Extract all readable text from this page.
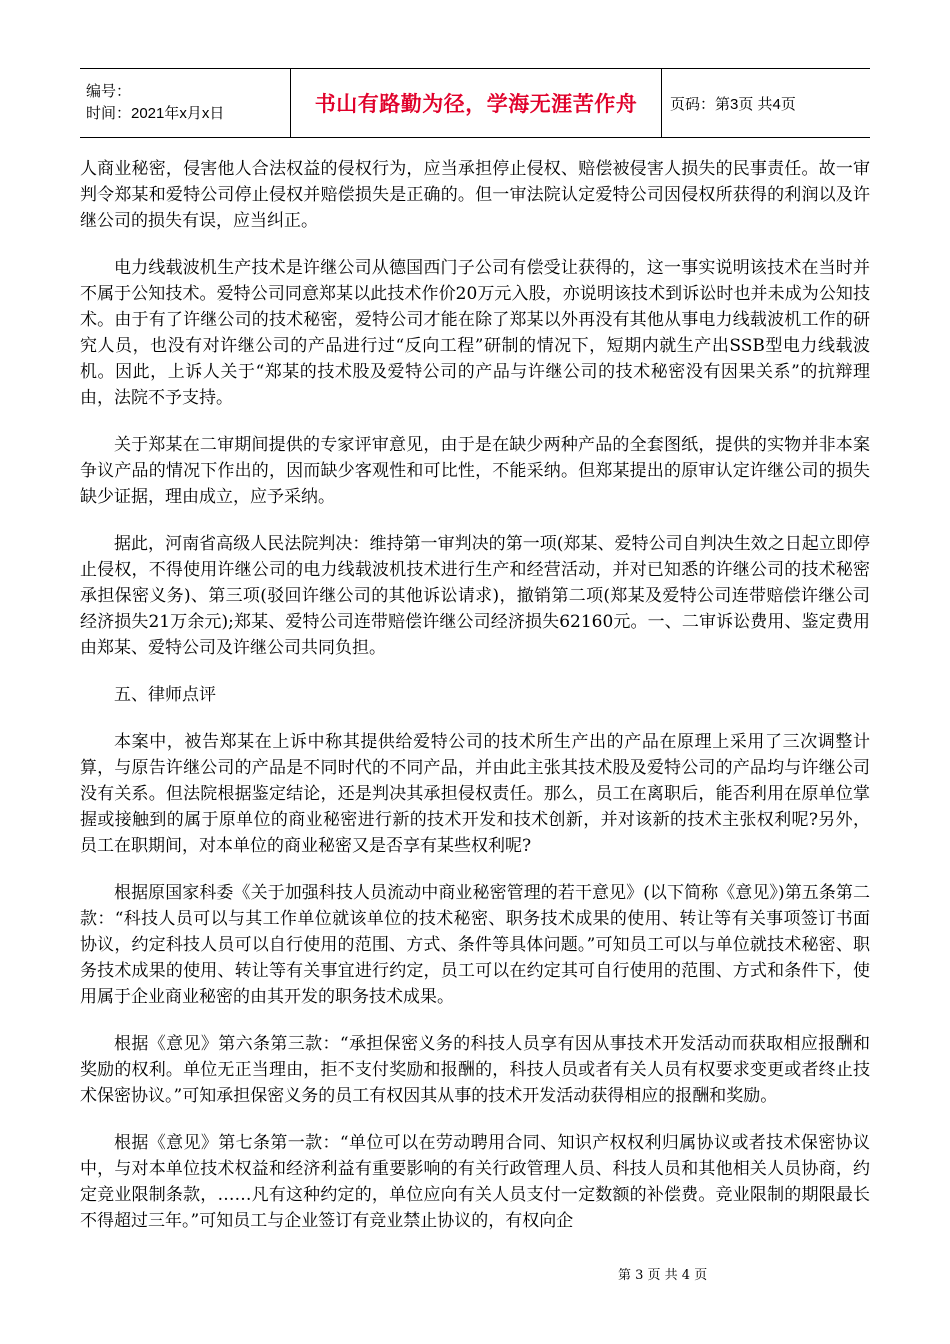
编号：
时间：2021年x月x日	书山有路勤为径，学海无涯苦作舟 页码：第3页 共4页

人商业秘密，侵害他人合法权益的侵权行为，应当承担停止侵权、赔偿被侵害人损失的民事责任。故一审判令郑某和爱特公司停止侵权并赔偿损失是正确的。但一审法院认定爱特公司因侵权所获得的利润以及许继公司的损失有误，应当纠正。

电力线载波机生产技术是许继公司从德国西门子公司有偿受让获得的，这一事实说明该技术在当时并不属于公知技术。爱特公司同意郑某以此技术作价20万元入股，亦说明该技术到诉讼时也并未成为公知技术。由于有了许继公司的技术秘密，爱特公司才能在除了郑某以外再没有其他从事电力线载波机工作的研究人员，也没有对许继公司的产品进行过“反向工程”研制的情况下，短期内就生产出SSB型电力线载波机。因此，上诉人关于“郑某的技术股及爱特公司的产品与许继公司的技术秘密没有因果关系”的抗辩理由，法院不予支持。

关于郑某在二审期间提供的专家评审意见，由于是在缺少两种产品的全套图纸，提供的实物并非本案争议产品的情况下作出的，因而缺少客观性和可比性，不能采纳。但郑某提出的原审认定许继公司的损失缺少证据，理由成立，应予采纳。

据此，河南省高级人民法院判决：维持第一审判决的第一项(郑某、爱特公司自判决生效之日起立即停止侵权，不得使用许继公司的电力线载波机技术进行生产和经营活动，并对已知悉的许继公司的技术秘密承担保密义务)、第三项(驳回许继公司的其他诉讼请求)，撤销第二项(郑某及爱特公司连带赔偿许继公司经济损失21万余元);郑某、爱特公司连带赔偿许继公司经济损失62160元。一、二审诉讼费用、鉴定费用由郑某、爱特公司及许继公司共同负担。

五、律师点评

本案中，被告郑某在上诉中称其提供给爱特公司的技术所生产出的产品在原理上采用了三次调整计算，与原告许继公司的产品是不同时代的不同产品，并由此主张其技术股及爱特公司的产品均与许继公司没有关系。但法院根据鉴定结论，还是判决其承担侵权责任。那么，员工在离职后，能否利用在原单位掌握或接触到的属于原单位的商业秘密进行新的技术开发和技术创新，并对该新的技术主张权利呢?另外，员工在职期间，对本单位的商业秘密又是否享有某些权利呢?

根据原国家科委《关于加强科技人员流动中商业秘密管理的若干意见》(以下简称《意见》)第五条第二款：“科技人员可以与其工作单位就该单位的技术秘密、职务技术成果的使用、转让等有关事项签订书面协议，约定科技人员可以自行使用的范围、方式、条件等具体问题。”可知员工可以与单位就技术秘密、职务技术成果的使用、转让等有关事宜进行约定，员工可以在约定其可自行使用的范围、方式和条件下，使用属于企业商业秘密的由其开发的职务技术成果。

根据《意见》第六条第三款：“承担保密义务的科技人员享有因从事技术开发活动而获取相应报酬和奖励的权利。单位无正当理由，拒不支付奖励和报酬的，科技人员或者有关人员有权要求变更或者终止技术保密协议。”可知承担保密义务的员工有权因其从事的技术开发活动获得相应的报酬和奖励。

根据《意见》第七条第一款：“单位可以在劳动聘用合同、知识产权权利归属协议或者技术保密协议中，与对本单位技术权益和经济利益有重要影响的有关行政管理人员、科技人员和其他相关人员协商，约定竞业限制条款，……凡有这种约定的，单位应向有关人员支付一定数额的补偿费。竞业限制的期限最长不得超过三年。”可知员工与企业签订有竞业禁止协议的，有权向企

第 3 页 共 4 页
